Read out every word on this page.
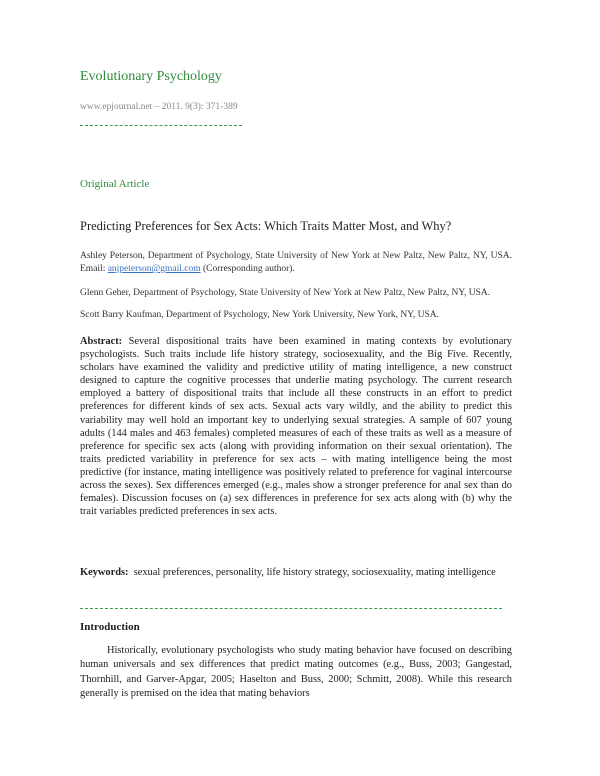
Evolutionary Psychology
www.epjournal.net – 2011. 9(3): 371-389
Original Article
Predicting Preferences for Sex Acts: Which Traits Matter Most, and Why?
Ashley Peterson, Department of Psychology, State University of New York at New Paltz, New Paltz, NY, USA. Email: anjpeterson@gmail.com (Corresponding author).
Glenn Geher, Department of Psychology, State University of New York at New Paltz, New Paltz, NY, USA.
Scott Barry Kaufman, Department of Psychology, New York University, New York, NY, USA.
Abstract: Several dispositional traits have been examined in mating contexts by evolutionary psychologists. Such traits include life history strategy, sociosexuality, and the Big Five. Recently, scholars have examined the validity and predictive utility of mating intelligence, a new construct designed to capture the cognitive processes that underlie mating psychology. The current research employed a battery of dispositional traits that include all these constructs in an effort to predict preferences for different kinds of sex acts. Sexual acts vary wildly, and the ability to predict this variability may well hold an important key to underlying sexual strategies. A sample of 607 young adults (144 males and 463 females) completed measures of each of these traits as well as a measure of preference for specific sex acts (along with providing information on their sexual orientation). The traits predicted variability in preference for sex acts – with mating intelligence being the most predictive (for instance, mating intelligence was positively related to preference for vaginal intercourse across the sexes). Sex differences emerged (e.g., males show a stronger preference for anal sex than do females). Discussion focuses on (a) sex differences in preference for sex acts along with (b) why the trait variables predicted preferences in sex acts.
Keywords: sexual preferences, personality, life history strategy, sociosexuality, mating intelligence
Introduction
Historically, evolutionary psychologists who study mating behavior have focused on describing human universals and sex differences that predict mating outcomes (e.g., Buss, 2003; Gangestad, Thornhill, and Garver-Apgar, 2005; Haselton and Buss, 2000; Schmitt, 2008). While this research generally is premised on the idea that mating behaviors
